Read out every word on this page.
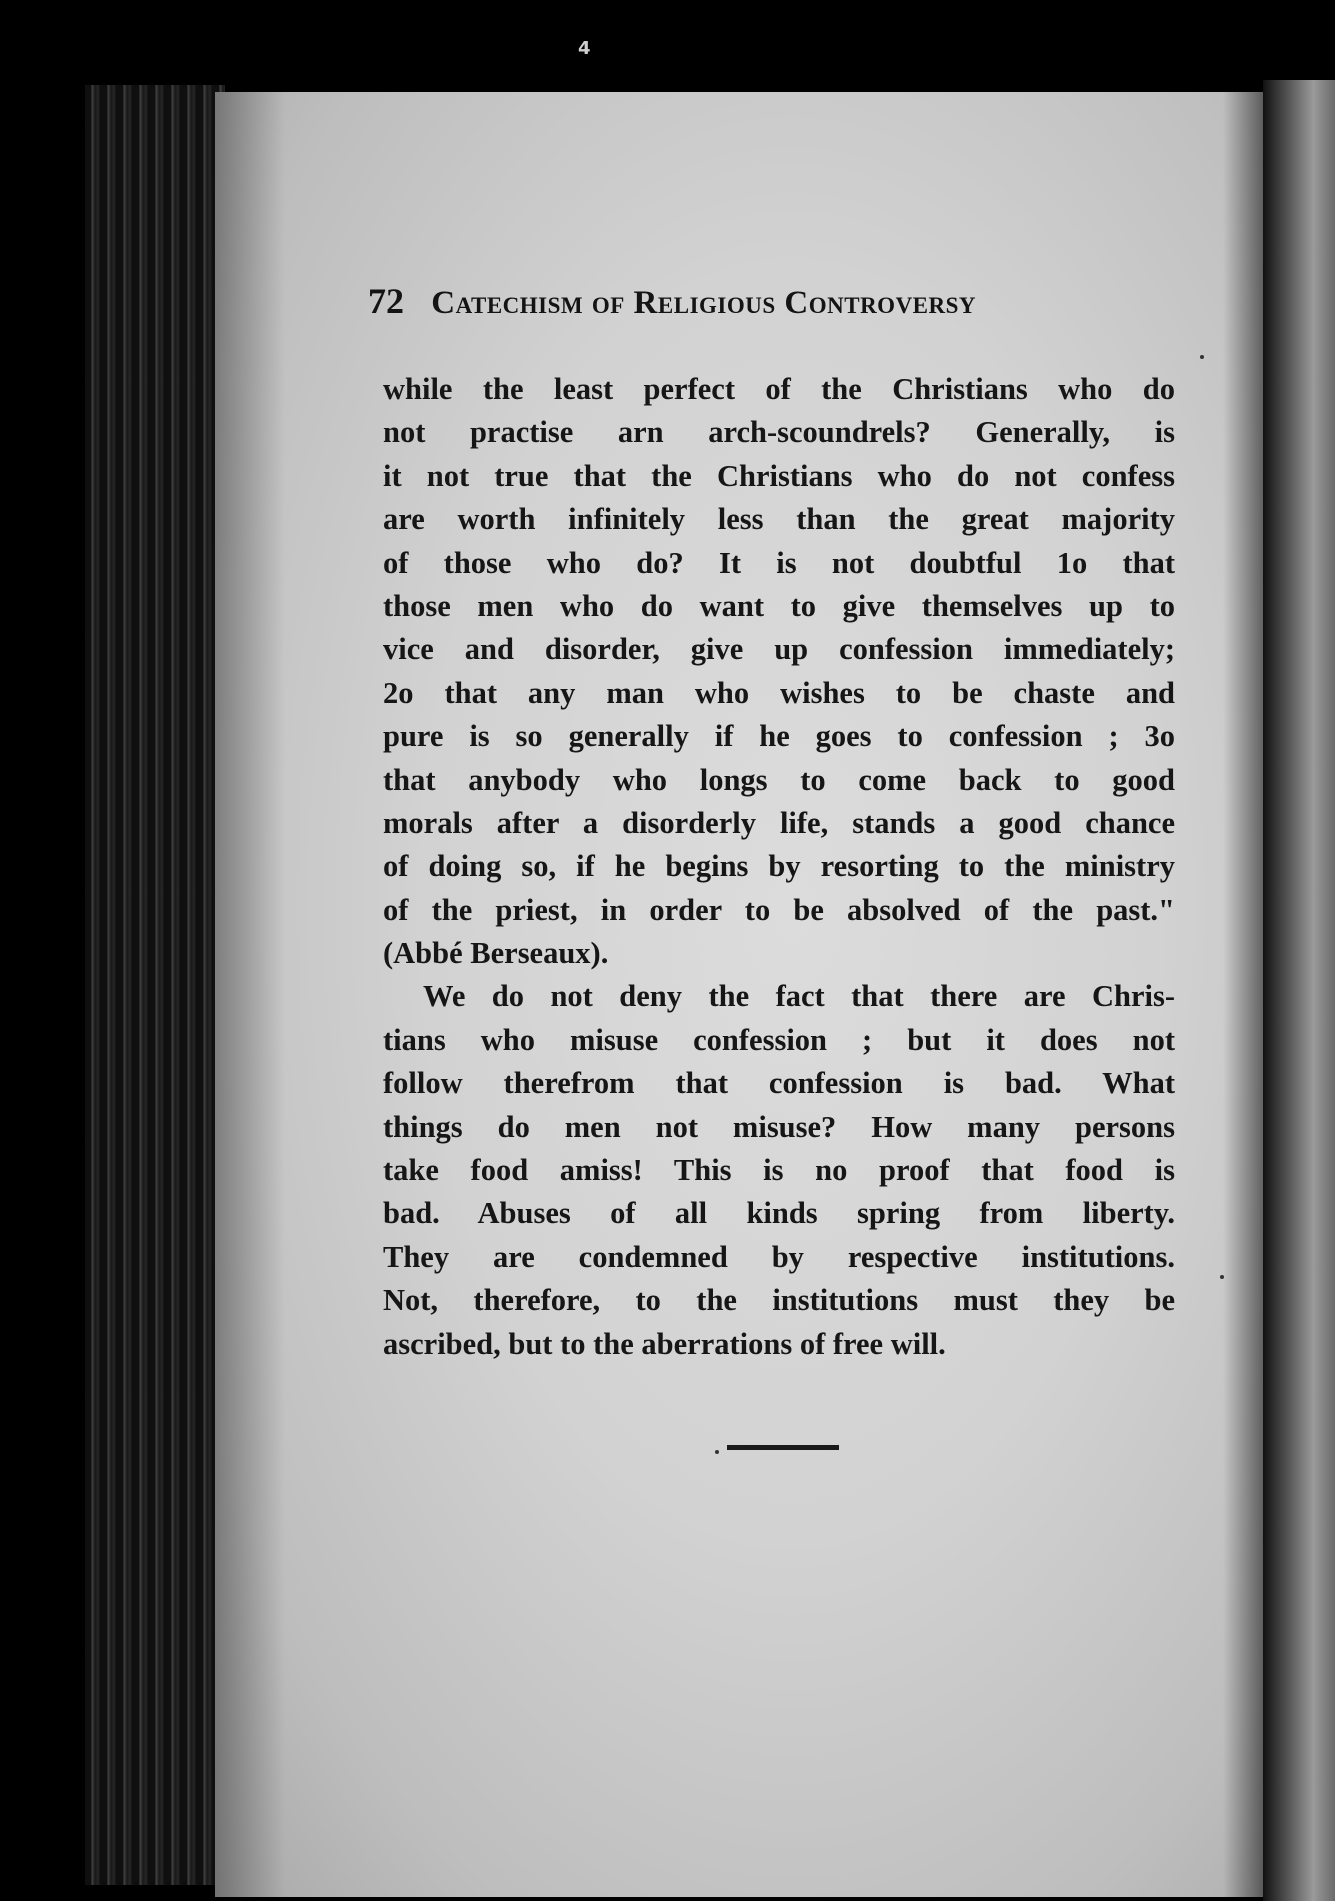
4
72 Catechism of Religious Controversy
while the least perfect of the Christians who do
not practise arn arch-scoundrels? Generally, is
it not true that the Christians who do not confess
are worth infinitely less than the great majority
of those who do? It is not doubtful 1o that
those men who do want to give themselves up to
vice and disorder, give up confession immediately;
2o that any man who wishes to be chaste and
pure is so generally if he goes to confession ; 3o
that anybody who longs to come back to good
morals after a disorderly life, stands a good chance
of doing so, if he begins by resorting to the ministry
of the priest, in order to be absolved of the past."
(Abbé Berseaux).
We do not deny the fact that there are Chris-
tians who misuse confession ; but it does not
follow therefrom that confession is bad. What
things do men not misuse? How many persons
take food amiss! This is no proof that food is
bad. Abuses of all kinds spring from liberty.
They are condemned by respective institutions.
Not, therefore, to the institutions must they be
ascribed, but to the aberrations of free will.
